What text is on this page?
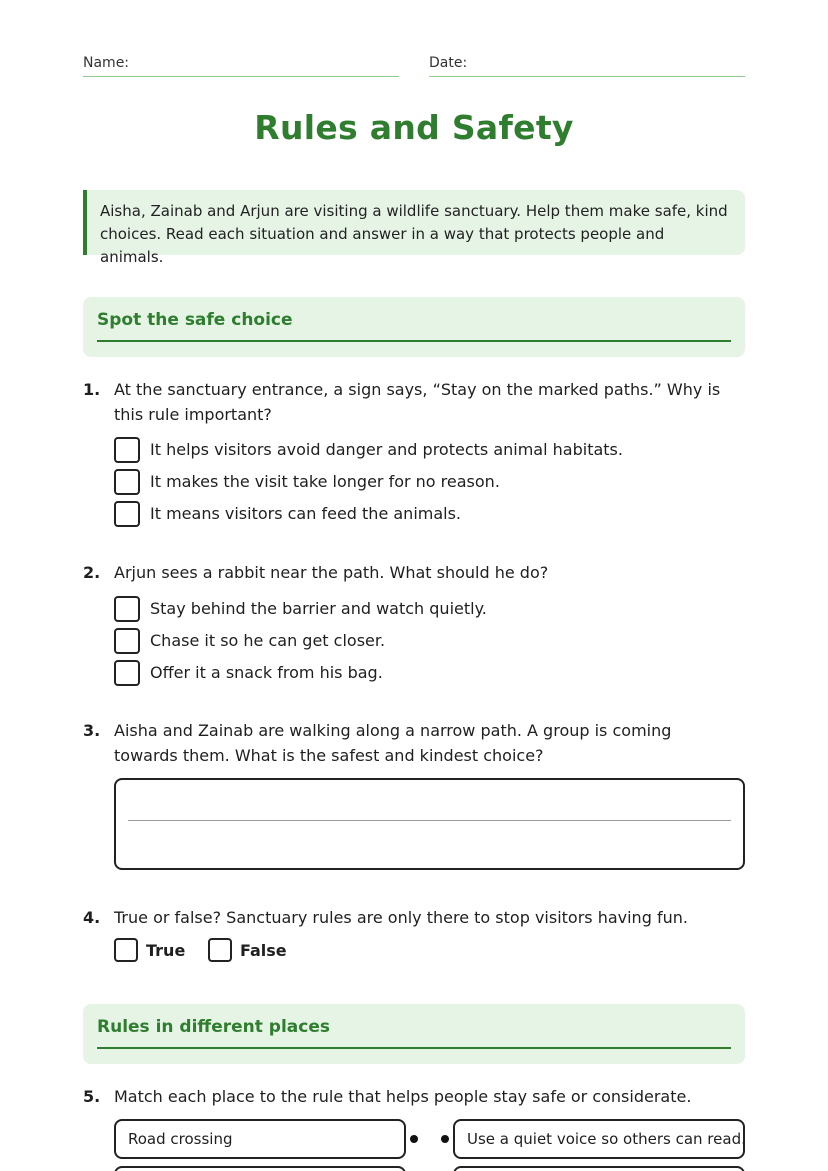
Name:	Date:
Rules and Safety
Aisha, Zainab and Arjun are visiting a wildlife sanctuary. Help them make safe, kind choices. Read each situation and answer in a way that protects people and animals.
Spot the safe choice
1. At the sanctuary entrance, a sign says, “Stay on the marked paths.” Why is this rule important?
It helps visitors avoid danger and protects animal habitats.
It makes the visit take longer for no reason.
It means visitors can feed the animals.
2. Arjun sees a rabbit near the path. What should he do?
Stay behind the barrier and watch quietly.
Chase it so he can get closer.
Offer it a snack from his bag.
3. Aisha and Zainab are walking along a narrow path. A group is coming towards them. What is the safest and kindest choice?
4. True or false? Sanctuary rules are only there to stop visitors having fun.
True	False
Rules in different places
5. Match each place to the rule that helps people stay safe or considerate.
Road crossing	Use a quiet voice so others can read.
